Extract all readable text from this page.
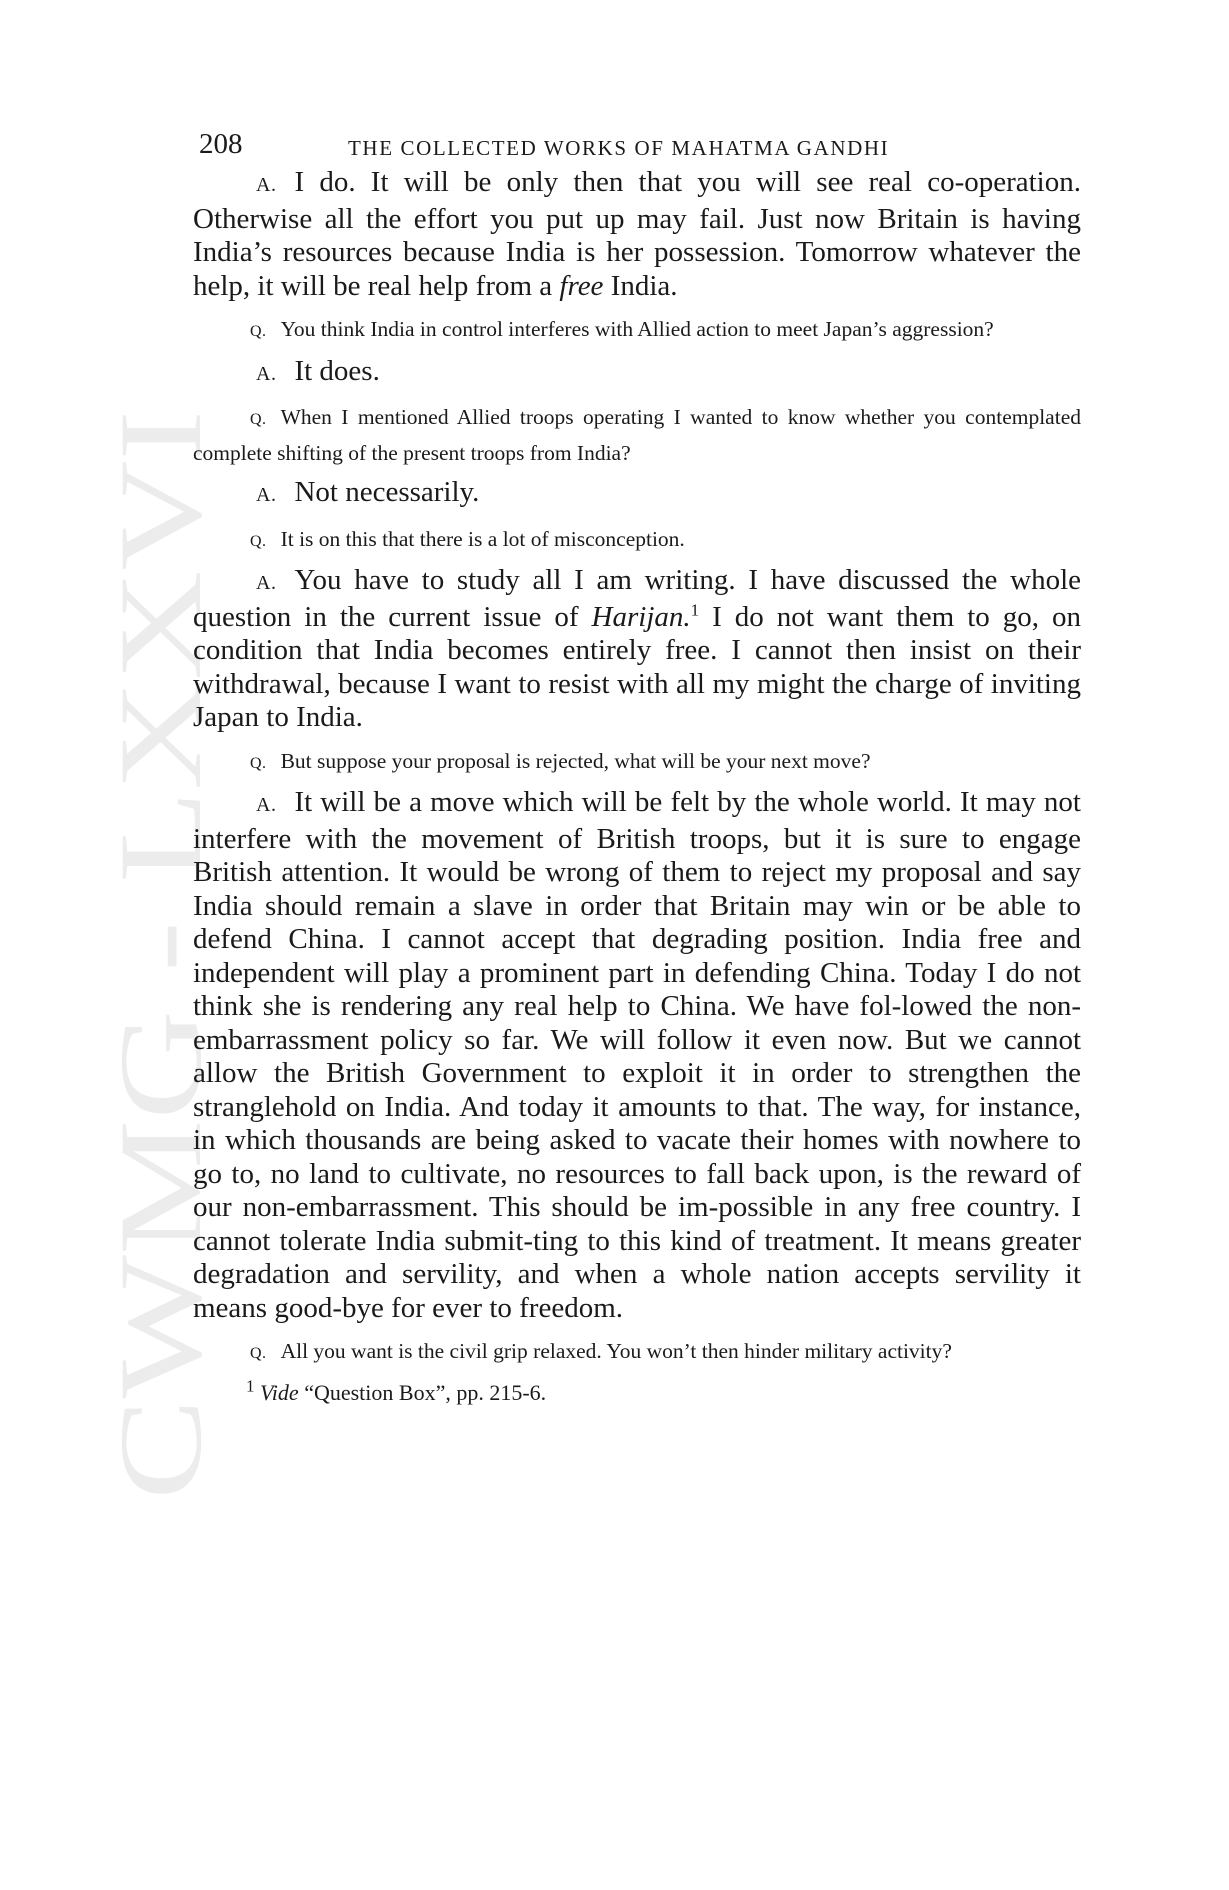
CWMG - LXXVI
208	THE COLLECTED WORKS OF MAHATMA GANDHI

A. I do. It will be only then that you will see real co-operation. Otherwise all the effort you put up may fail. Just now Britain is having India’s resources because India is her possession. Tomorrow whatever the help, it will be real help from a free India.

Q. You think India in control interferes with Allied action to meet Japan’s aggression?

A. It does.

Q. When I mentioned Allied troops operating I wanted to know whether you contemplated complete shifting of the present troops from India?

A. Not necessarily.

Q. It is on this that there is a lot of misconception.

A. You have to study all I am writing. I have discussed the whole question in the current issue of Harijan.$^1$ I do not want them to go, on condition that India becomes entirely free. I cannot then insist on their withdrawal, because I want to resist with all my might the charge of inviting Japan to India.

Q. But suppose your proposal is rejected, what will be your next move?

A. It will be a move which will be felt by the whole world. It may not interfere with the movement of British troops, but it is sure to engage British attention. It would be wrong of them to reject my proposal and say India should remain a slave in order that Britain may win or be able to defend China. I cannot accept that degrading position. India free and independent will play a prominent part in defending China. Today I do not think she is rendering any real help to China. We have fol-lowed the non-embarrassment policy so far. We will follow it even now. But we cannot allow the British Government to exploit it in order to strengthen the stranglehold on India. And today it amounts to that. The way, for instance, in which thousands are being asked to vacate their homes with nowhere to go to, no land to cultivate, no resources to fall back upon, is the reward of our non-embarrassment. This should be im-possible in any free country. I cannot tolerate India submit-ting to this kind of treatment. It means greater degradation and servility, and when a whole nation accepts servility it means good-bye for ever to freedom.

Q. All you want is the civil grip relaxed. You won’t then hinder military activity?

$^1$ Vide “Question Box”, pp. 215-6.
